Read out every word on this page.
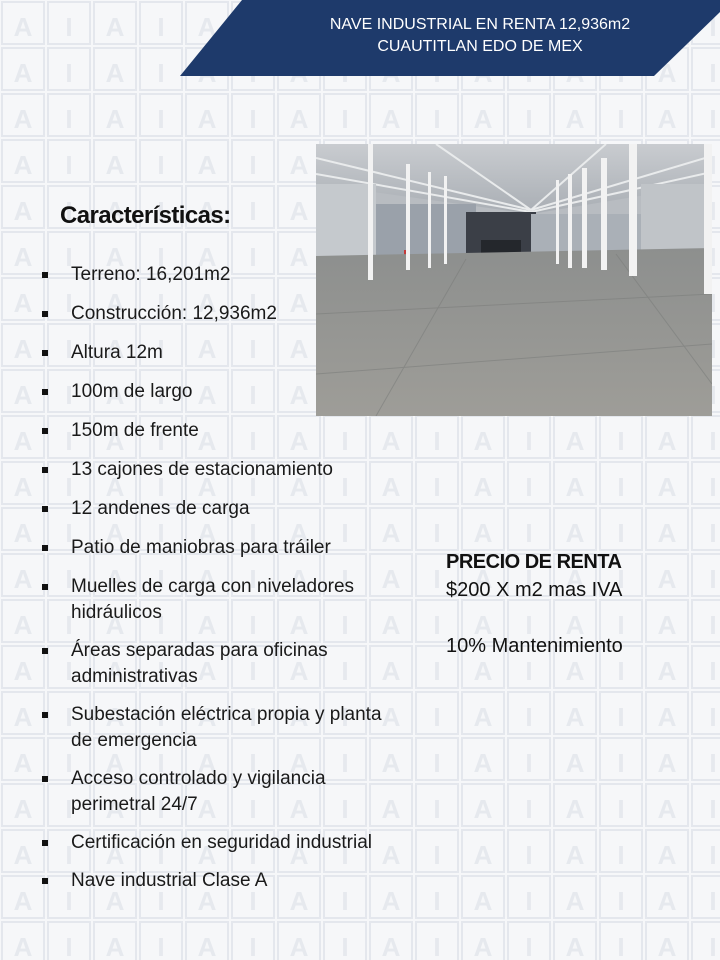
NAVE INDUSTRIAL EN RENTA 12,936m2
CUAUTITLAN EDO DE MEX
Características:
Terreno: 16,201m2
Construcción: 12,936m2
Altura 12m
100m de largo
150m de frente
13 cajones de estacionamiento
12 andenes de carga
Patio de maniobras para tráiler
Muelles de carga con niveladores hidráulicos
Áreas separadas para oficinas administrativas
Subestación eléctrica propia y planta de emergencia
Acceso controlado y vigilancia perimetral 24/7
Certificación en seguridad industrial
Nave industrial Clase A
PRECIO DE RENTA
$200 X m2 mas IVA
10% Mantenimiento
